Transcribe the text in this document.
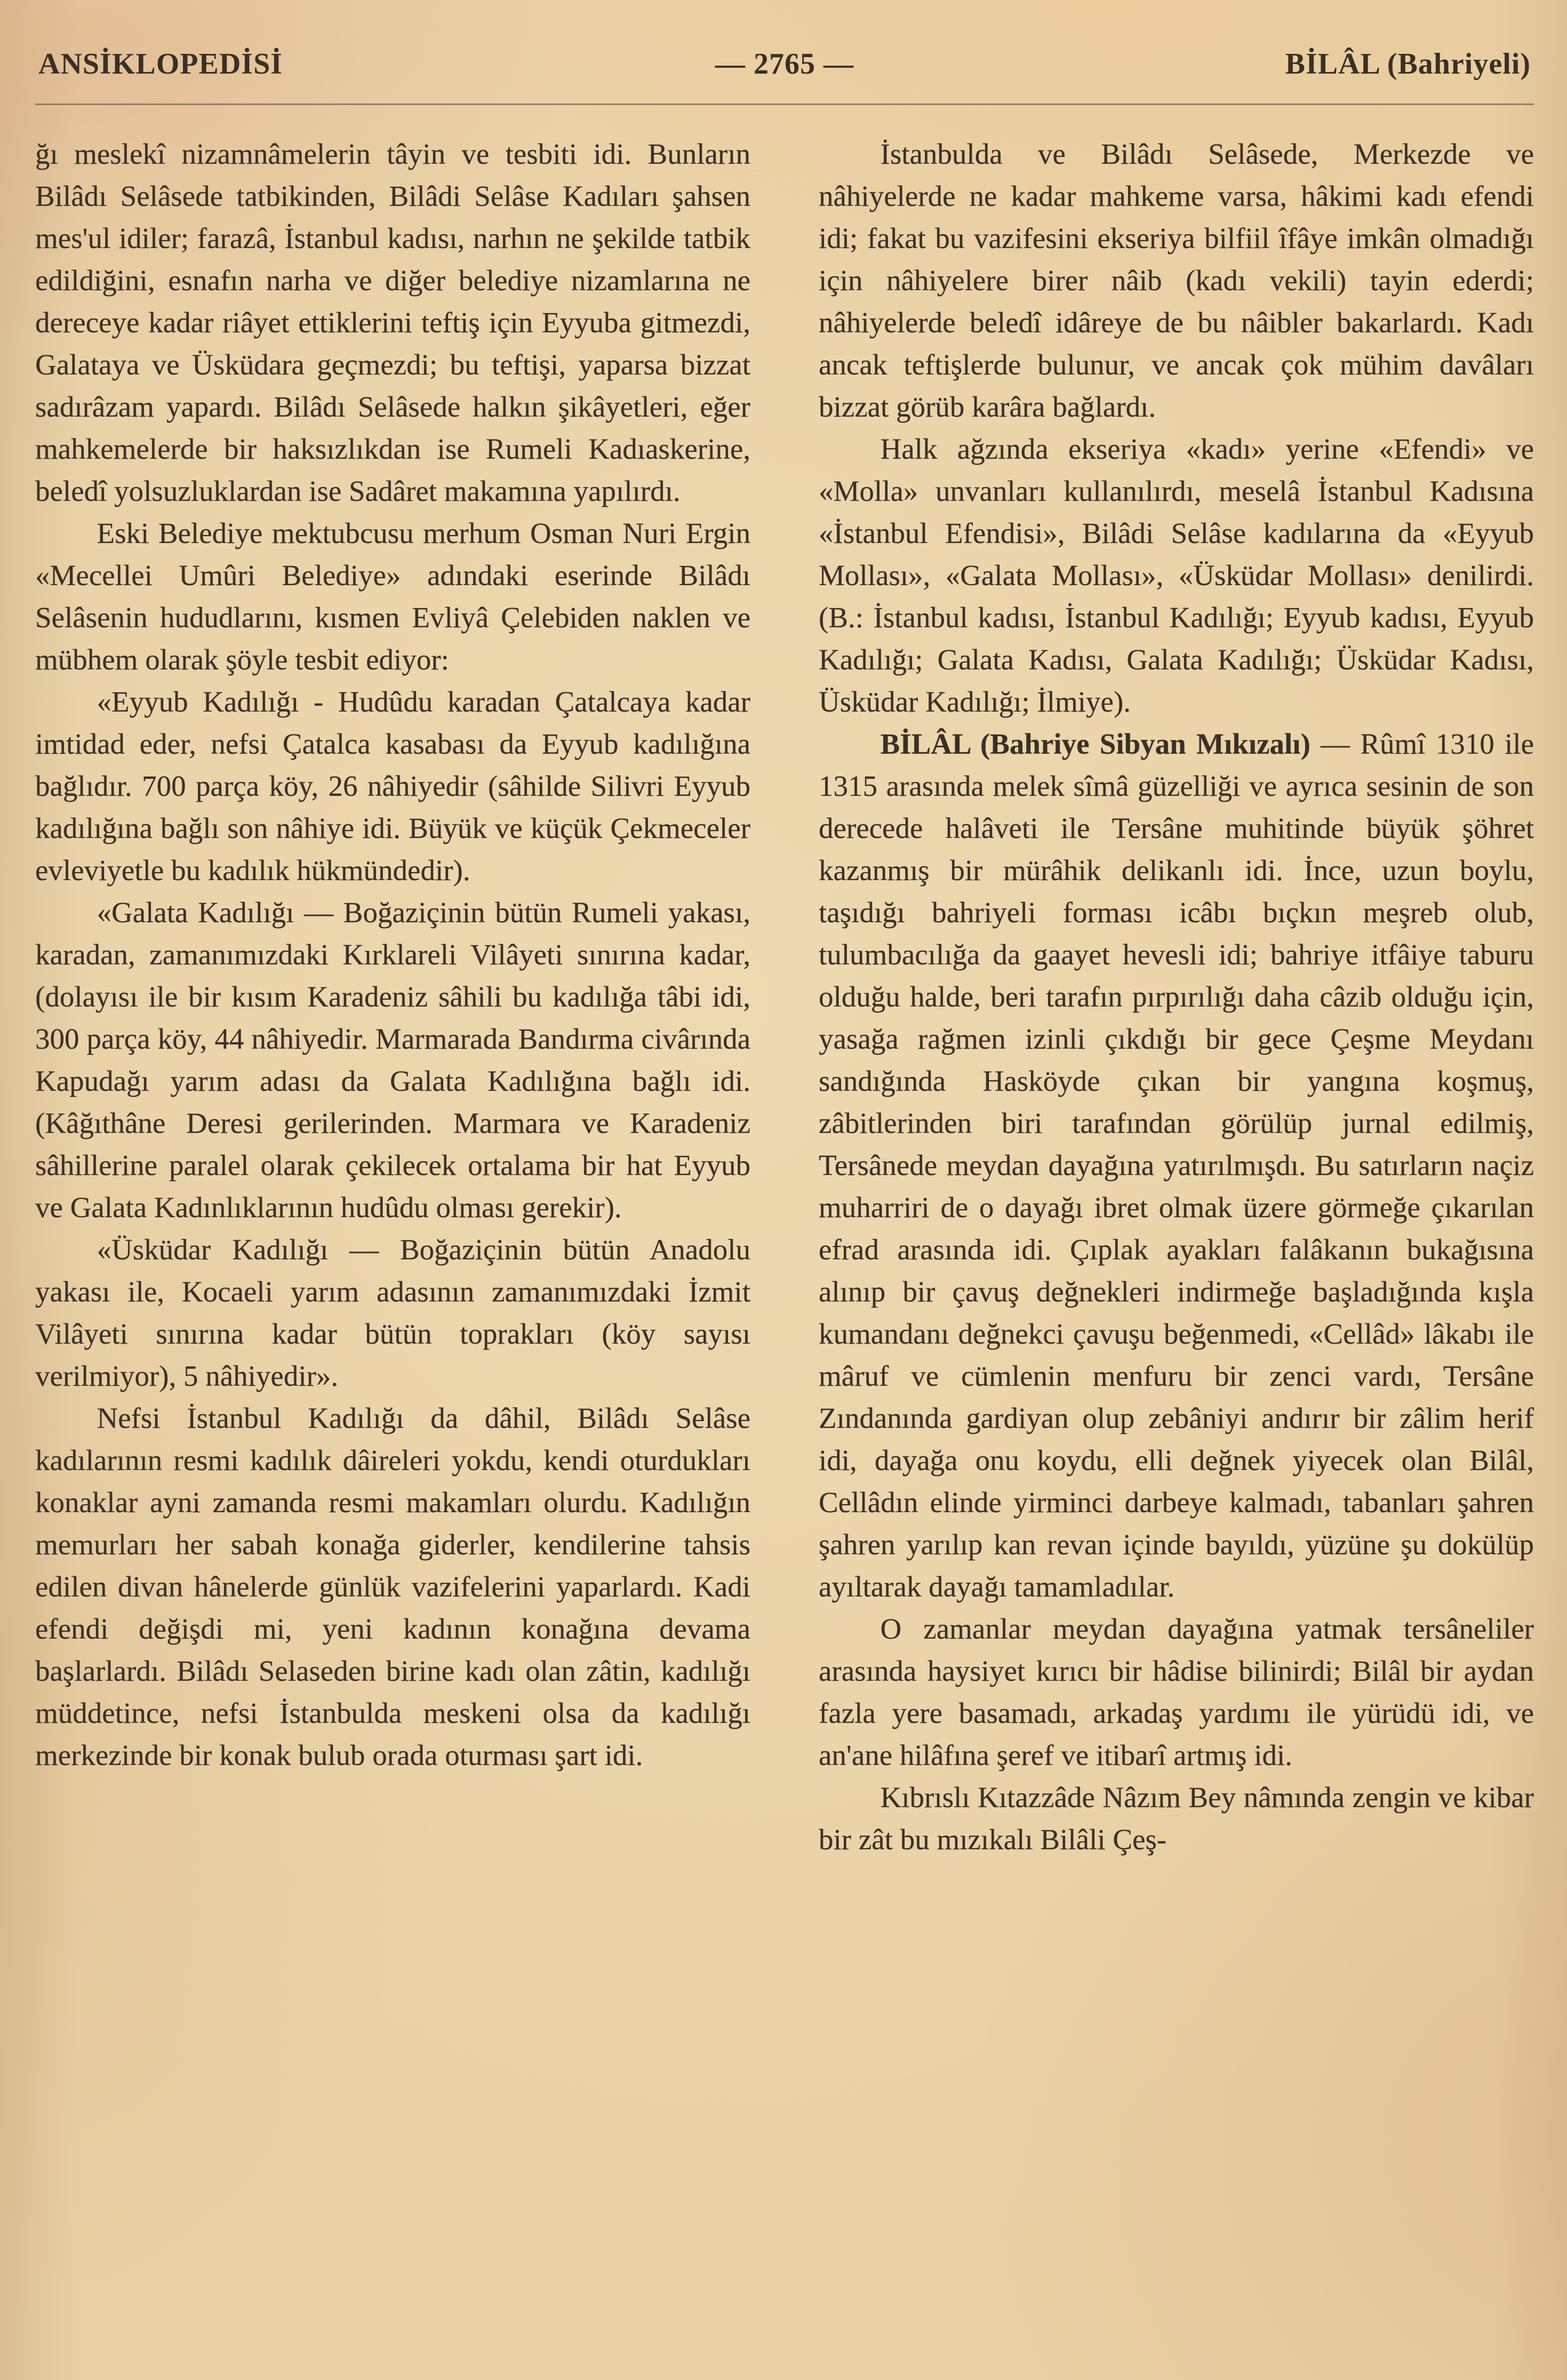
ANSİKLOPEDİSİ	— 2765 —	BİLÂL (Bahriyeli)

ğı meslekî nizamnâmelerin tâyin ve tesbiti idi. Bunların Bilâdı Selâsede tatbikinden, Bilâdi Selâse Kadıları şahsen mes'ul idiler; farazâ, İstanbul kadısı, narhın ne şekilde tatbik edildiğini, esnafın narha ve diğer belediye nizamlarına ne dereceye kadar riâyet ettiklerini teftiş için Eyyuba gitmezdi, Galataya ve Üsküdara geçmezdi; bu teftişi, yaparsa bizzat sadırâzam yapardı. Bilâdı Selâsede halkın şikâyetleri, eğer mahkemelerde bir haksızlıkdan ise Rumeli Kadıaskerine, beledî yolsuzluklardan ise Sadâret makamına yapılırdı.

Eski Belediye mektubcusu merhum Osman Nuri Ergin «Mecellei Umûri Belediye» adındaki eserinde Bilâdı Selâsenin hududlarını, kısmen Evliyâ Çelebiden naklen ve mübhem olarak şöyle tesbit ediyor:

«Eyyub Kadılığı - Hudûdu karadan Çatalcaya kadar imtidad eder, nefsi Çatalca kasabası da Eyyub kadılığına bağlıdır. 700 parça köy, 26 nâhiyedir (sâhilde Silivri Eyyub kadılığına bağlı son nâhiye idi. Büyük ve küçük Çekmeceler evleviyetle bu kadılık hükmündedir).

«Galata Kadılığı — Boğaziçinin bütün Rumeli yakası, karadan, zamanımızdaki Kırklareli Vilâyeti sınırına kadar, (dolayısı ile bir kısım Karadeniz sâhili bu kadılığa tâbi idi, 300 parça köy, 44 nâhiyedir. Marmarada Bandırma civârında Kapudağı yarım adası da Galata Kadılığına bağlı idi. (Kâğıthâne Deresi gerilerinden. Marmara ve Karadeniz sâhillerine paralel olarak çekilecek ortalama bir hat Eyyub ve Galata Kadınlıklarının hudûdu olması gerekir).

«Üsküdar Kadılığı — Boğaziçinin bütün Anadolu yakası ile, Kocaeli yarım adasının zamanımızdaki İzmit Vilâyeti sınırına kadar bütün toprakları (köy sayısı verilmiyor), 5 nâhiyedir».

Nefsi İstanbul Kadılığı da dâhil, Bilâdı Selâse kadılarının resmi kadılık dâireleri yokdu, kendi oturdukları konaklar ayni zamanda resmi makamları olurdu. Kadılığın memurları her sabah konağa giderler, kendilerine tahsis edilen divan hânelerde günlük vazifelerini yaparlardı. Kadi efendi değişdi mi, yeni kadının konağına devama başlarlardı. Bilâdı Selaseden birine kadı olan zâtin, kadılığı müddetince, nefsi İstanbulda meskeni olsa da kadılığı merkezinde bir konak bulub orada oturması şart idi.

İstanbulda ve Bilâdı Selâsede, Merkezde ve nâhiyelerde ne kadar mahkeme varsa, hâkimi kadı efendi idi; fakat bu vazifesini ekseriya bilfiil îfâye imkân olmadığı için nâhiyelere birer nâib (kadı vekili) tayin ederdi; nâhiyelerde beledî idâreye de bu nâibler bakarlardı. Kadı ancak teftişlerde bulunur, ve ancak çok mühim davâları bizzat görüb karâra bağlardı.

Halk ağzında ekseriya «kadı» yerine «Efendi» ve «Molla» unvanları kullanılırdı, meselâ İstanbul Kadısına «İstanbul Efendisi», Bilâdi Selâse kadılarına da «Eyyub Mollası», «Galata Mollası», «Üsküdar Mollası» denilirdi. (B.: İstanbul kadısı, İstanbul Kadılığı; Eyyub kadısı, Eyyub Kadılığı; Galata Kadısı, Galata Kadılığı; Üsküdar Kadısı, Üsküdar Kadılığı; İlmiye).

BİLÂL (Bahriye Sibyan Mıkızalı) — Rûmî 1310 ile 1315 arasında melek sîmâ güzelliği ve ayrıca sesinin de son derecede halâveti ile Tersâne muhitinde büyük şöhret kazanmış bir mürâhik delikanlı idi. İnce, uzun boylu, taşıdığı bahriyeli forması icâbı bıçkın meşreb olub, tulumbacılığa da gaayet hevesli idi; bahriye itfâiye taburu olduğu halde, beri tarafın pırpırılığı daha câzib olduğu için, yasağa rağmen izinli çıkdığı bir gece Çeşme Meydanı sandığında Hasköyde çıkan bir yangına koşmuş, zâbitlerinden biri tarafından görülüp jurnal edilmiş, Tersânede meydan dayağına yatırılmışdı. Bu satırların naçiz muharriri de o dayağı ibret olmak üzere görmeğe çıkarılan efrad arasında idi. Çıplak ayakları falâkanın bukağısına alınıp bir çavuş değnekleri indirmeğe başladığında kışla kumandanı değnekci çavuşu beğenmedi, «Cellâd» lâkabı ile mâruf ve cümlenin menfuru bir zenci vardı, Tersâne Zındanında gardiyan olup zebâniyi andırır bir zâlim herif idi, dayağa onu koydu, elli değnek yiyecek olan Bilâl, Cellâdın elinde yirminci darbeye kalmadı, tabanları şahren şahren yarılıp kan revan içinde bayıldı, yüzüne şu dokülüp ayıltarak dayağı tamamladılar.

O zamanlar meydan dayağına yatmak tersâneliler arasında haysiyet kırıcı bir hâdise bilinirdi; Bilâl bir aydan fazla yere basamadı, arkadaş yardımı ile yürüdü idi, ve an'ane hilâfına şeref ve itibarî artmış idi.

Kıbrıslı Kıtazzâde Nâzım Bey nâmında zengin ve kibar bir zât bu mızıkalı Bilâli Çeş-
